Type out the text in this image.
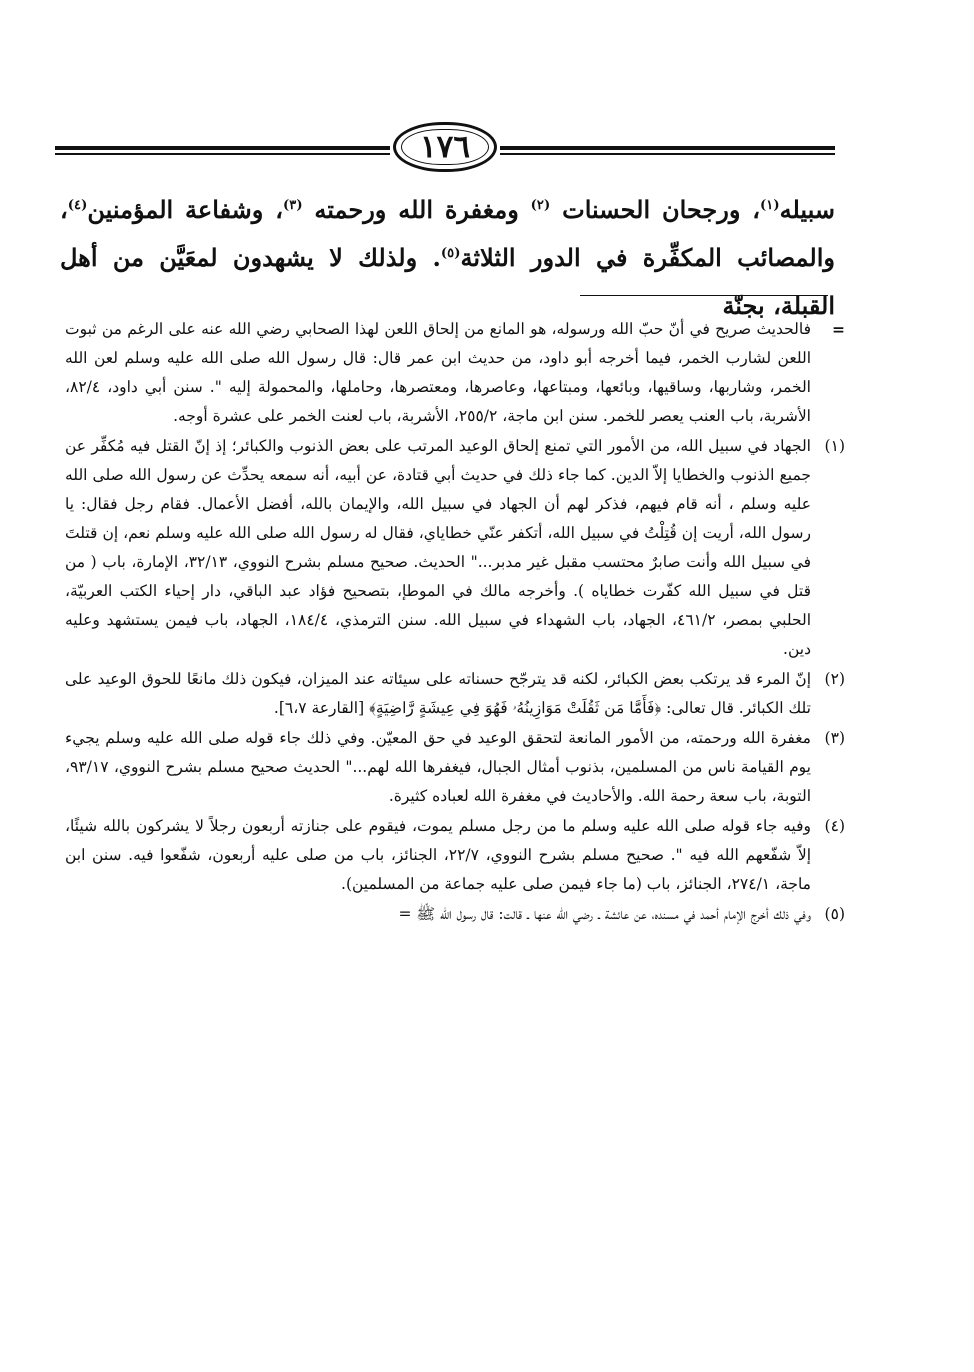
١٧٦
سبيله$^{(١)}$، ورجحان الحسنات $^{(٢)}$ ومغفرة الله ورحمته $^{(٣)}$، وشفاعة المؤمنين$^{(٤)}$، والمصائب المكفِّرة في الدور الثلاثة$^{(٥)}$. ولذلك لا يشهدون لمعَيَّن من أهل القبلة، بجنّة
=
فالحديث صريح في أنّ حبّ الله ورسوله، هو المانع من إلحاق اللعن لهذا الصحابي رضي الله عنه على الرغم من ثبوت اللعن لشارب الخمر، فيما أخرجه أبو داود، من حديث ابن عمر قال: قال رسول الله صلى الله عليه وسلم لعن الله الخمر، وشاربها، وساقيها، وبائعها، ومبتاعها، وعاصرها، ومعتصرها، وحاملها، والمحمولة إليه ". سنن أبي داود، ٨٢/٤، الأشربة، باب العنب يعصر للخمر. سنن ابن ماجة، ٢٥٥/٢، الأشربة، باب لعنت الخمر على عشرة أوجه.
(١)
الجهاد في سبيل الله، من الأمور التي تمنع إلحاق الوعيد المرتب على بعض الذنوب والكبائر؛ إذ إنّ القتل فيه مُكفِّر عن جميع الذنوب والخطايا إلاّ الدين. كما جاء ذلك في حديث أبي قتادة، عن أبيه، أنه سمعه يحدِّث عن رسول الله صلى الله عليه وسلم ، أنه قام فيهم، فذكر لهم أن الجهاد في سبيل الله، والإيمان بالله، أفضل الأعمال. فقام رجل فقال: يا رسول الله، أريت إن قُتِلْتُ في سبيل الله، أتكفر عنّي خطاياي، فقال له رسول الله صلى الله عليه وسلم نعم، إن قتلتَ في سبيل الله وأنت صابرٌ محتسب مقبل غير مدبر..." الحديث. صحيح مسلم بشرح النووي، ٣٢/١٣، الإمارة، باب ( من قتل في سبيل الله كفّرت خطاياه ). وأخرجه مالك في الموطإ، بتصحيح فؤاد عبد الباقي، دار إحياء الكتب العربيّة، الحلبي بمصر، ٤٦١/٢، الجهاد، باب الشهداء في سبيل الله. سنن الترمذي، ١٨٤/٤، الجهاد، باب فيمن يستشهد وعليه دين.
(٢)
إنّ المرء قد يرتكب بعض الكبائر، لكنه قد يترجّح حسناته على سيئاته عند الميزان، فيكون ذلك مانعًا للحوق الوعيد على تلك الكبائر. قال تعالى: ﴿فَأَمَّا مَن ثَقُلَتْ مَوَازِينُهُۥ فَهُوَ فِي عِيشَةٍ رَّاضِيَةٍ﴾ [القارعة ٦،٧].
(٣)
مغفرة الله ورحمته، من الأمور المانعة لتحقق الوعيد في حق المعيّن. وفي ذلك جاء قوله صلى الله عليه وسلم يجيء يوم القيامة ناس من المسلمين، بذنوب أمثال الجبال، فيغفرها الله لهم..." الحديث صحيح مسلم بشرح النووي، ٩٣/١٧، التوبة، باب سعة رحمة الله. والأحاديث في مغفرة الله لعباده كثيرة.
(٤)
وفيه جاء قوله صلى الله عليه وسلم ما من رجل مسلم يموت، فيقوم على جنازته أربعون رجلاً لا يشركون بالله شيئًا، إلاّ شفّعهم الله فيه ". صحيح مسلم بشرح النووي، ٢٢/٧، الجنائز، باب من صلى عليه أربعون، شفّعوا فيه. سنن ابن ماجة، ٢٧٤/١، الجنائز، باب (ما جاء فيمن صلى عليه جماعة من المسلمين).
(٥)
وفي ذلك أخرج الإمام أحمد في مسنده، عن عائشة ـ رضي الله عنها ـ قالت: قال رسول الله ﷺ =
